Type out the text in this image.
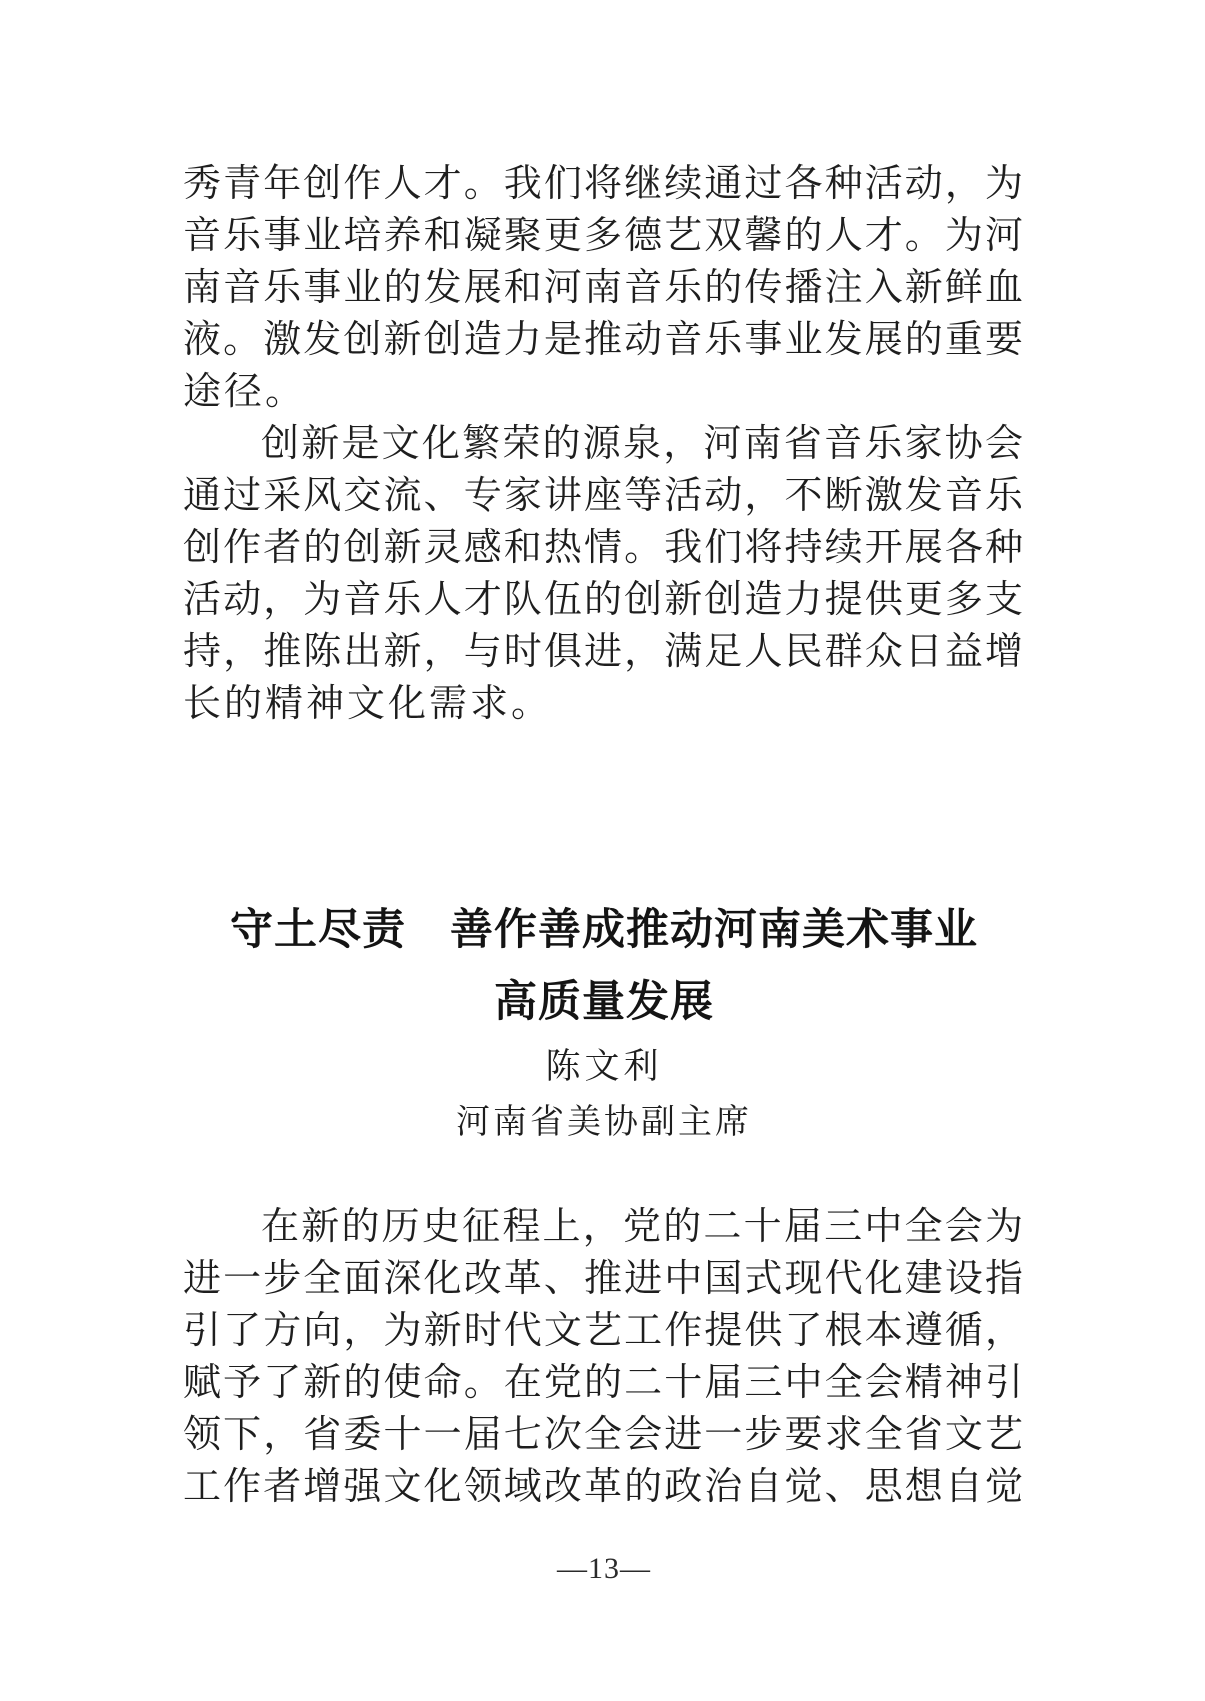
秀青年创作人才。我们将继续通过各种活动，为
音乐事业培养和凝聚更多德艺双馨的人才。为河
南音乐事业的发展和河南音乐的传播注入新鲜血
液。激发创新创造力是推动音乐事业发展的重要
途径。
创新是文化繁荣的源泉，河南省音乐家协会
通过采风交流、专家讲座等活动，不断激发音乐
创作者的创新灵感和热情。我们将持续开展各种
活动，为音乐人才队伍的创新创造力提供更多支
持，推陈出新，与时俱进，满足人民群众日益增
长的精神文化需求。
守土尽责　善作善成推动河南美术事业
高质量发展
陈文利
河南省美协副主席
在新的历史征程上，党的二十届三中全会为
进一步全面深化改革、推进中国式现代化建设指
引了方向，为新时代文艺工作提供了根本遵循，
赋予了新的使命。在党的二十届三中全会精神引
领下，省委十一届七次全会进一步要求全省文艺
工作者增强文化领域改革的政治自觉、思想自觉
—13—
